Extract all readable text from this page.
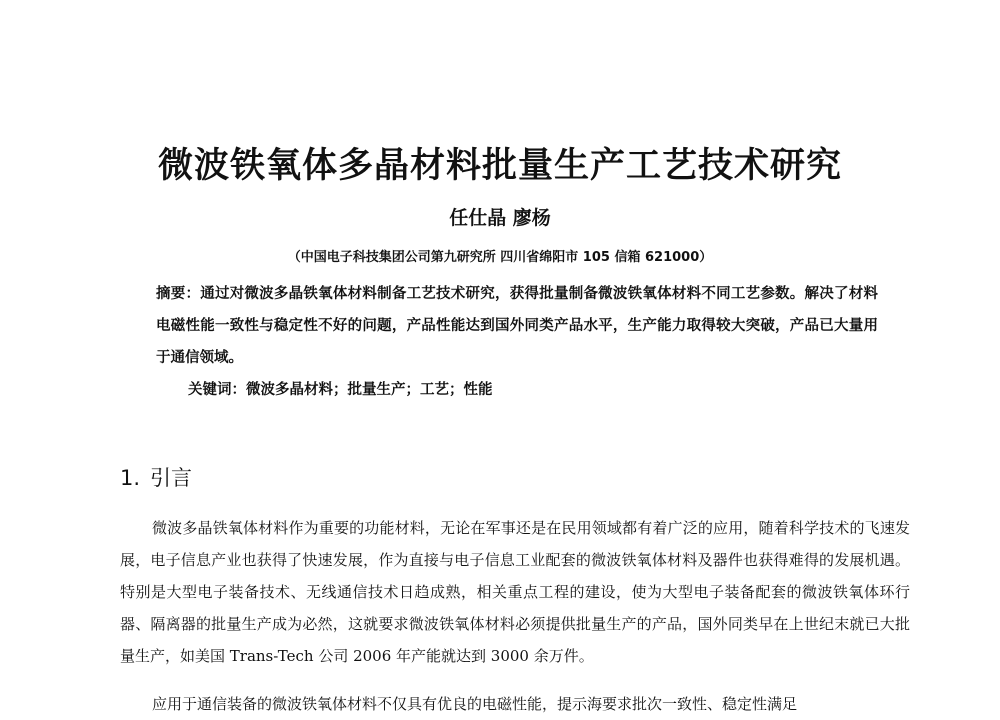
微波铁氧体多晶材料批量生产工艺技术研究

任仕晶 廖杨

（中国电子科技集团公司第九研究所 四川省绵阳市 105 信箱 621000）

摘要：通过对微波多晶铁氧体材料制备工艺技术研究，获得批量制备微波铁氧体材料不同工艺参数。解决了材料电磁性能一致性与稳定性不好的问题，产品性能达到国外同类产品水平，生产能力取得较大突破，产品已大量用于通信领域。

关键词：微波多晶材料；批量生产；工艺；性能

1. 引言

微波多晶铁氧体材料作为重要的功能材料，无论在军事还是在民用领域都有着广泛的应用，随着科学技术的飞速发展，电子信息产业也获得了快速发展，作为直接与电子信息工业配套的微波铁氧体材料及器件也获得难得的发展机遇。特别是大型电子装备技术、无线通信技术日趋成熟，相关重点工程的建设，使为大型电子装备配套的微波铁氧体环行器、隔离器的批量生产成为必然，这就要求微波铁氧体材料必须提供批量生产的产品，国外同类早在上世纪末就已大批量生产，如美国 Trans-Tech 公司 2006 年产能就达到 3000 余万件。

应用于通信装备的微波铁氧体材料不仅具有优良的电磁性能，提示海要求批次一致性、稳定性满足
